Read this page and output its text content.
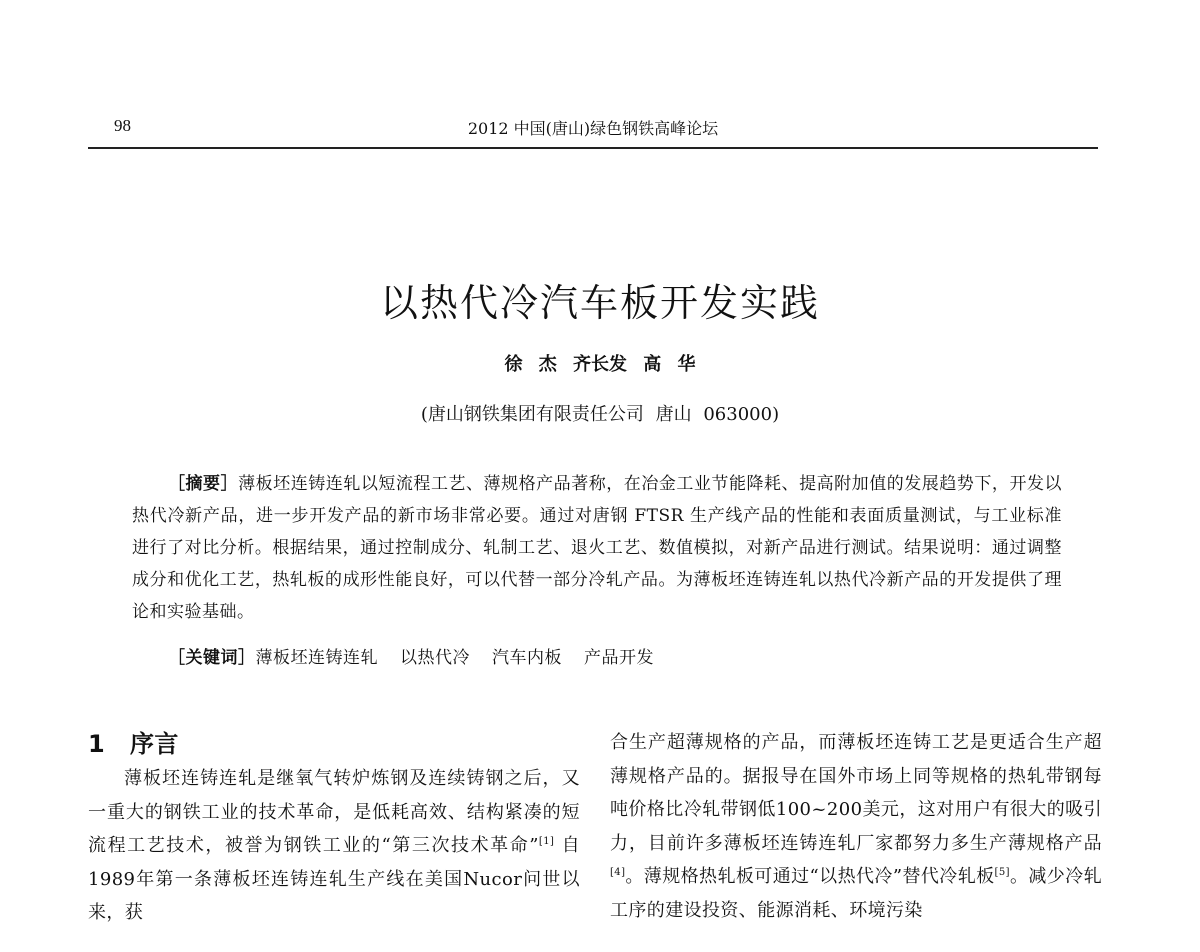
98	2012 中国(唐山)绿色钢铁高峰论坛
以热代冷汽车板开发实践
徐 杰 齐长发 高 华
(唐山钢铁集团有限责任公司 唐山 063000)

［摘要］薄板坯连铸连轧以短流程工艺、薄规格产品著称，在冶金工业节能降耗、提高附加值的发展趋势下，开发以热代冷新产品，进一步开发产品的新市场非常必要。通过对唐钢 FTSR 生产线产品的性能和表面质量测试，与工业标准进行了对比分析。根据结果，通过控制成分、轧制工艺、退火工艺、数值模拟，对新产品进行测试。结果说明：通过调整成分和优化工艺，热轧板的成形性能良好，可以代替一部分冷轧产品。为薄板坯连铸连轧以热代冷新产品的开发提供了理论和实验基础。

［关键词］薄板坯连铸连轧 以热代冷 汽车内板 产品开发
1 序言

薄板坯连铸连轧是继氧气转炉炼钢及连续铸钢之后，又一重大的钢铁工业的技术革命，是低耗高效、结构紧凑的短流程工艺技术，被誉为钢铁工业的“第三次技术革命”[1] 自1989年第一条薄板坯连铸连轧生产线在美国Nucor问世以来，获

合生产超薄规格的产品，而薄板坯连铸工艺是更适合生产超薄规格产品的。据报导在国外市场上同等规格的热轧带钢每吨价格比冷轧带钢低100~200美元，这对用户有很大的吸引力，目前许多薄板坯连铸连轧厂家都努力多生产薄规格产品[4]。薄规格热轧板可通过“以热代冷”替代冷轧板[5]。减少冷轧工序的建设投资、能源消耗、环境污染
